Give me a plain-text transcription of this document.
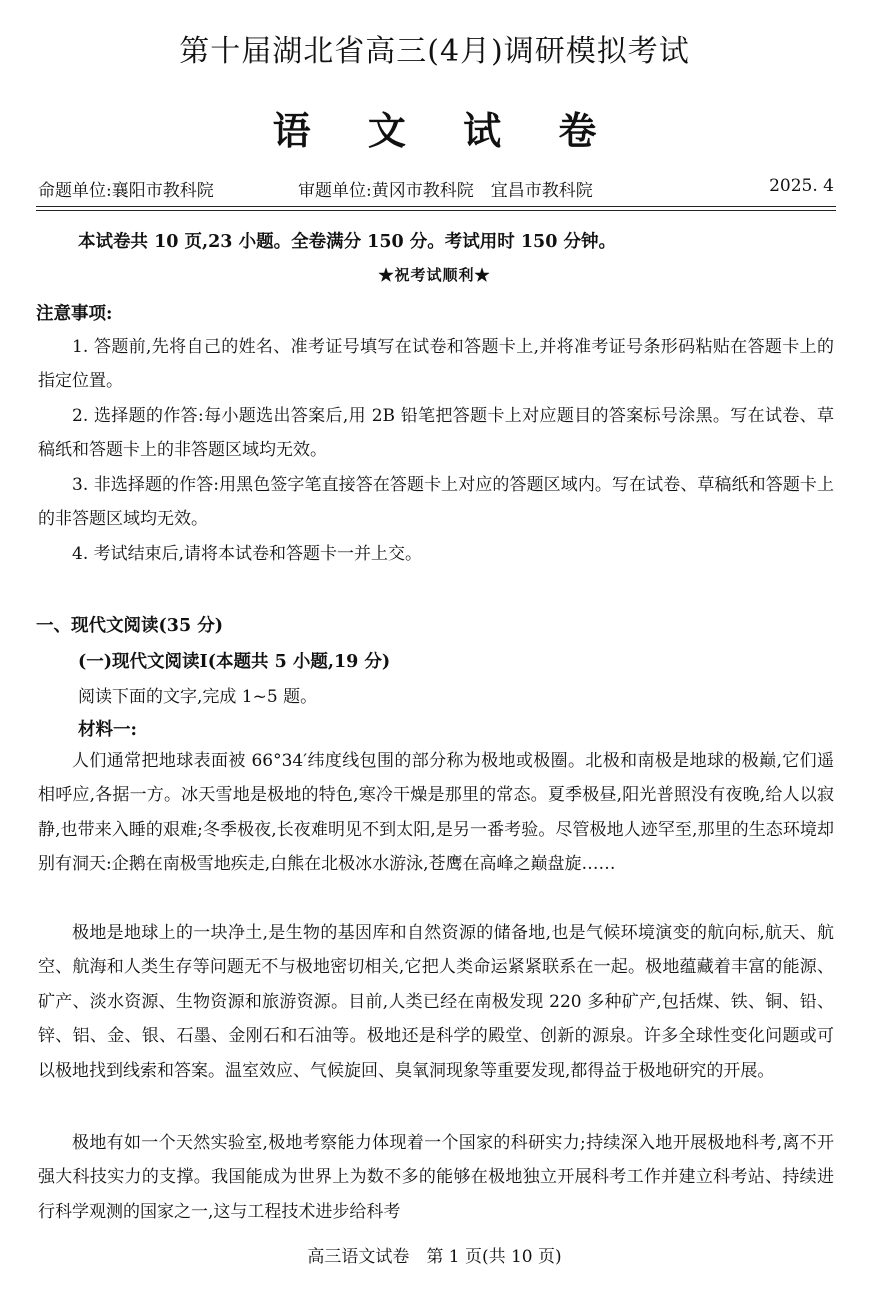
第十届湖北省高三(4月)调研模拟考试
语 文 试 卷
命题单位:襄阳市教科院	审题单位:黄冈市教科院　宜昌市教科院	2025. 4
本试卷共 10 页,23 小题。全卷满分 150 分。考试用时 150 分钟。
★祝考试顺利★
注意事项:
1. 答题前,先将自己的姓名、准考证号填写在试卷和答题卡上,并将准考证号条形码粘贴在答题卡上的指定位置。
2. 选择题的作答:每小题选出答案后,用 2B 铅笔把答题卡上对应题目的答案标号涂黑。写在试卷、草稿纸和答题卡上的非答题区域均无效。
3. 非选择题的作答:用黑色签字笔直接答在答题卡上对应的答题区域内。写在试卷、草稿纸和答题卡上的非答题区域均无效。
4. 考试结束后,请将本试卷和答题卡一并上交。
一、现代文阅读(35 分)
(一)现代文阅读Ⅰ(本题共 5 小题,19 分)
阅读下面的文字,完成 1~5 题。
材料一:
人们通常把地球表面被 66°34′纬度线包围的部分称为极地或极圈。北极和南极是地球的极巅,它们遥相呼应,各据一方。冰天雪地是极地的特色,寒冷干燥是那里的常态。夏季极昼,阳光普照没有夜晚,给人以寂静,也带来入睡的艰难;冬季极夜,长夜难明见不到太阳,是另一番考验。尽管极地人迹罕至,那里的生态环境却别有洞天:企鹅在南极雪地疾走,白熊在北极冰水游泳,苍鹰在高峰之巅盘旋……
极地是地球上的一块净土,是生物的基因库和自然资源的储备地,也是气候环境演变的航向标,航天、航空、航海和人类生存等问题无不与极地密切相关,它把人类命运紧紧联系在一起。极地蕴藏着丰富的能源、矿产、淡水资源、生物资源和旅游资源。目前,人类已经在南极发现 220 多种矿产,包括煤、铁、铜、铅、锌、铝、金、银、石墨、金刚石和石油等。极地还是科学的殿堂、创新的源泉。许多全球性变化问题或可以极地找到线索和答案。温室效应、气候旋回、臭氧洞现象等重要发现,都得益于极地研究的开展。
极地有如一个天然实验室,极地考察能力体现着一个国家的科研实力;持续深入地开展极地科考,离不开强大科技实力的支撑。我国能成为世界上为数不多的能够在极地独立开展科考工作并建立科考站、持续进行科学观测的国家之一,这与工程技术进步给科考
高三语文试卷　第 1 页(共 10 页)
